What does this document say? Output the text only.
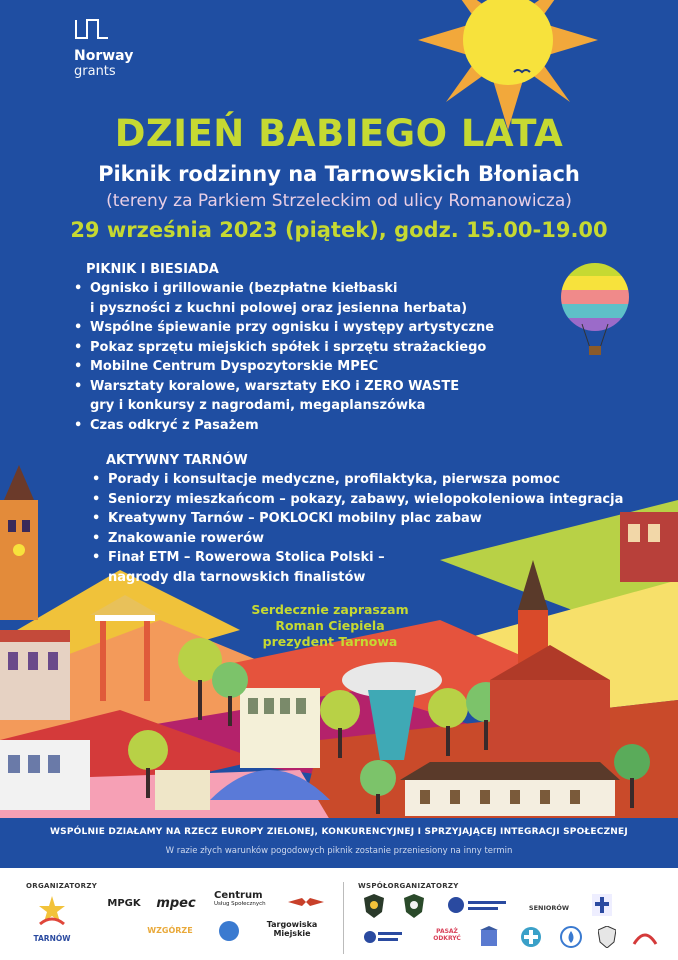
Norway
grants
DZIEŃ BABIEGO LATA
Piknik rodzinny na Tarnowskich Błoniach
(tereny za Parkiem Strzeleckim od ulicy Romanowicza)
29 września 2023 (piątek), godz. 15.00-19.00
PIKNIK I BIESIADA
• Ognisko i grillowanie (bezpłatne kiełbaski
i pyszności z kuchni polowej oraz jesienna herbata)
• Wspólne śpiewanie przy ognisku i występy artystyczne
• Pokaz sprzętu miejskich spółek i sprzętu strażackiego
• Mobilne Centrum Dyspozytorskie MPEC
• Warsztaty koralowe, warsztaty EKO i ZERO WASTE
gry i konkursy z nagrodami, megaplanszówka
• Czas odkryć z Pasażem
AKTYWNY TARNÓW
• Porady i konsultacje medyczne, profilaktyka, pierwsza pomoc
• Seniorzy mieszkańcom – pokazy, zabawy, wielopokoleniowa integracja
• Kreatywny Tarnów – POKLOCKI mobilny plac zabaw
• Znakowanie rowerów
• Finał ETM – Rowerowa Stolica Polski –
nagrody dla tarnowskich finalistów
Serdecznie zapraszam
Roman Ciepiela
prezydent Tarnowa
WSPÓLNIE DZIAŁAMY NA RZECZ EUROPY ZIELONEJ, KONKURENCYJNEJ I SPRZYJAJĄCEJ INTEGRACJI SPOŁECZNEJ
W razie złych warunków pogodowych piknik zostanie przeniesiony na inny termin
ORGANIZATORZY	WSPÓŁORGANIZATORZY
TARNÓW
MPGK	mpec
Centrum
Usług Społecznych
WZGÓRZE
Targowiska Miejskie
SENIORÓW
PASAŻ ODKRYĆ
